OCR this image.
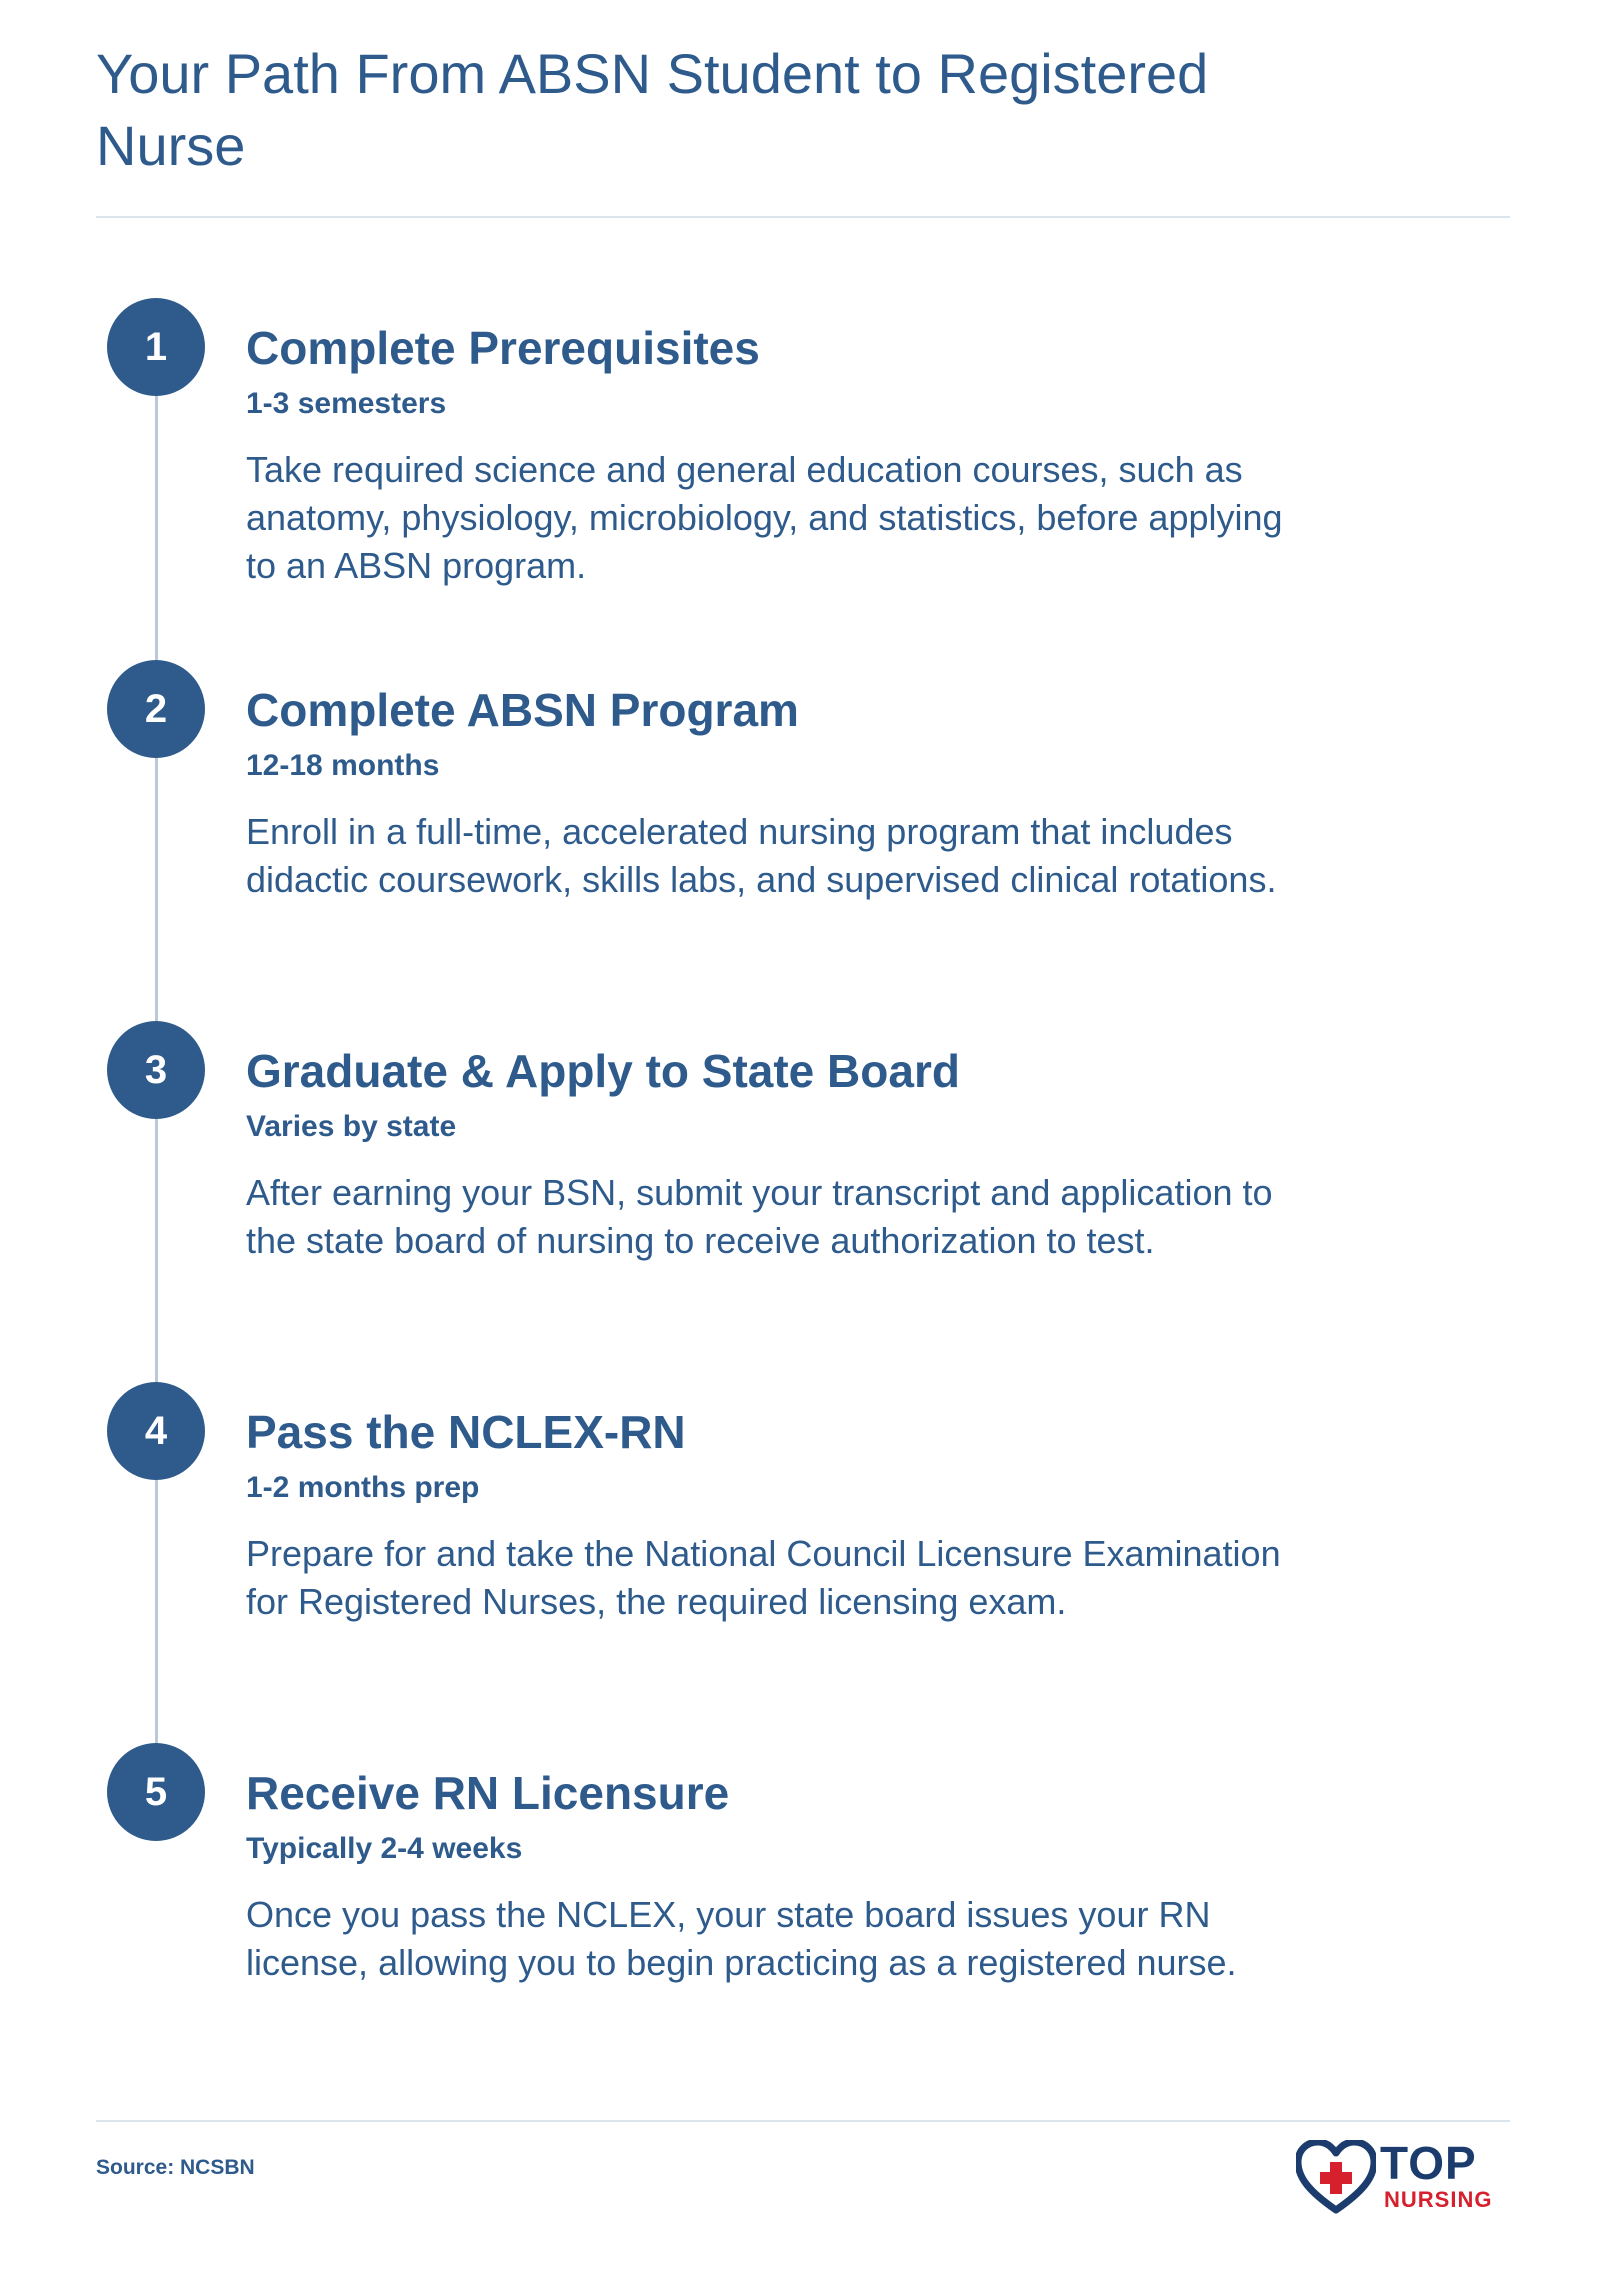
Your Path From ABSN Student to Registered Nurse
1	Complete Prerequisites
1-3 semesters
Take required science and general education courses, such as anatomy, physiology, microbiology, and statistics, before applying to an ABSN program.
2	Complete ABSN Program
12-18 months
Enroll in a full-time, accelerated nursing program that includes didactic coursework, skills labs, and supervised clinical rotations.
3	Graduate & Apply to State Board
Varies by state
After earning your BSN, submit your transcript and application to the state board of nursing to receive authorization to test.
4	Pass the NCLEX-RN
1-2 months prep
Prepare for and take the National Council Licensure Examination for Registered Nurses, the required licensing exam.
5	Receive RN Licensure
Typically 2-4 weeks
Once you pass the NCLEX, your state board issues your RN license, allowing you to begin practicing as a registered nurse.
Source: NCSBN	TOP
NURSING
